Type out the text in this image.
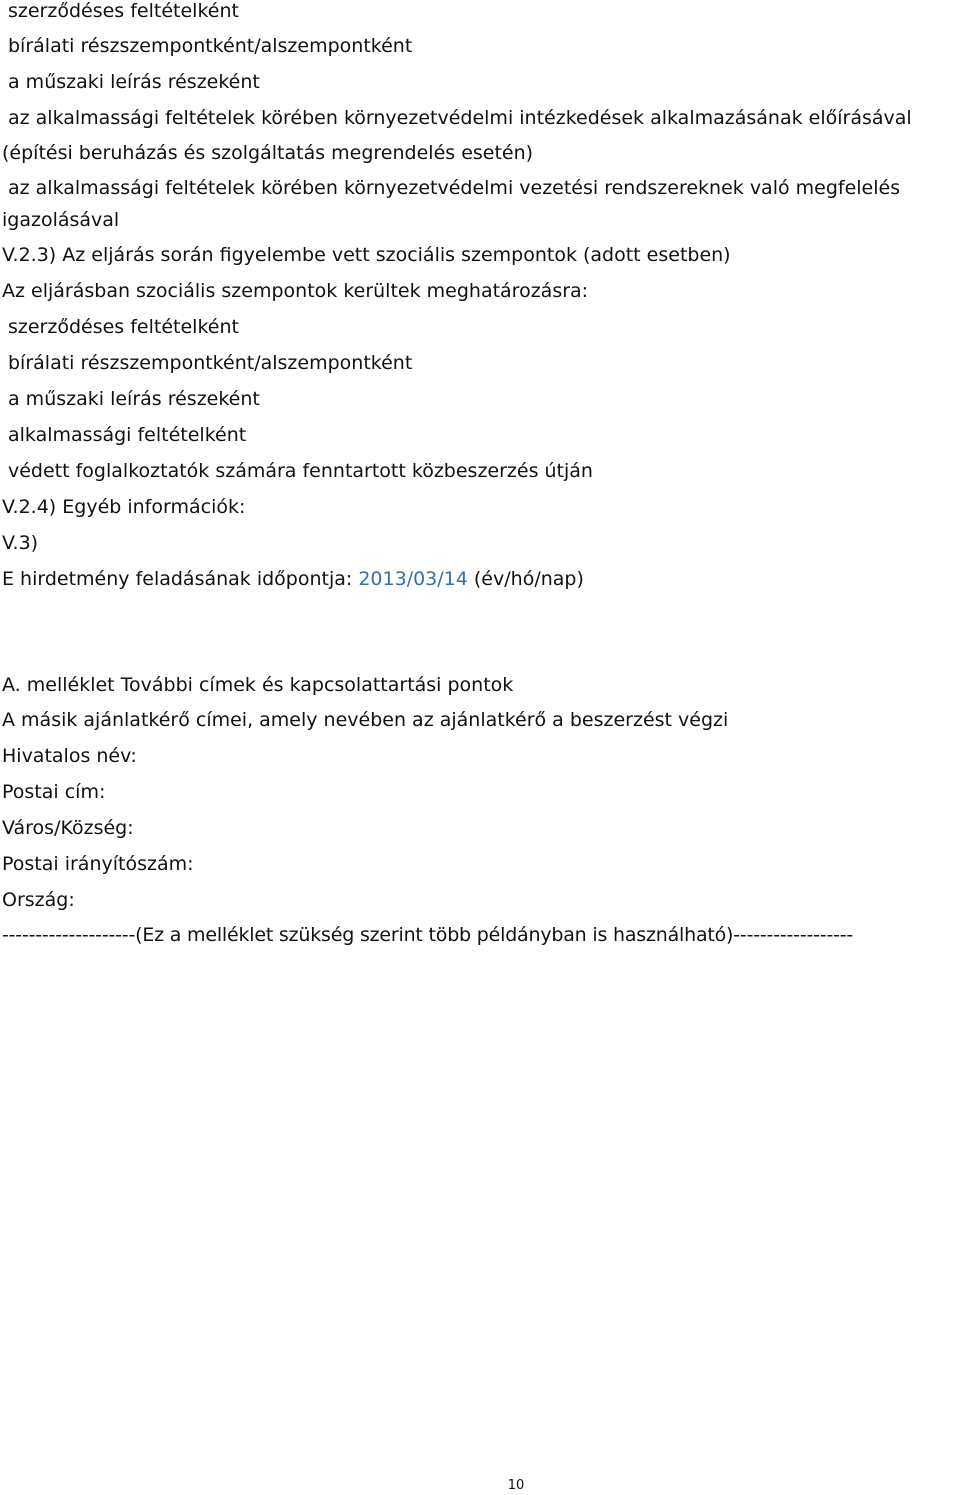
szerződéses feltételként
bírálati részszempontként/alszempontként
a műszaki leírás részeként
az alkalmassági feltételek körében környezetvédelmi intézkedések alkalmazásának előírásával
(építési beruházás és szolgáltatás megrendelés esetén)
az alkalmassági feltételek körében környezetvédelmi vezetési rendszereknek való megfelelés
igazolásával
V.2.3) Az eljárás során figyelembe vett szociális szempontok (adott esetben)
Az eljárásban szociális szempontok kerültek meghatározásra:
szerződéses feltételként
bírálati részszempontként/alszempontként
a műszaki leírás részeként
alkalmassági feltételként
védett foglalkoztatók számára fenntartott közbeszerzés útján
V.2.4) Egyéb információk:
V.3)
E hirdetmény feladásának időpontja: 2013/03/14 (év/hó/nap)
A. melléklet További címek és kapcsolattartási pontok
A másik ajánlatkérő címei, amely nevében az ajánlatkérő a beszerzést végzi
Hivatalos név:
Postai cím:
Város/Község:
Postai irányítószám:
Ország:
--------------------(Ez a melléklet szükség szerint több példányban is használható)------------------
10
